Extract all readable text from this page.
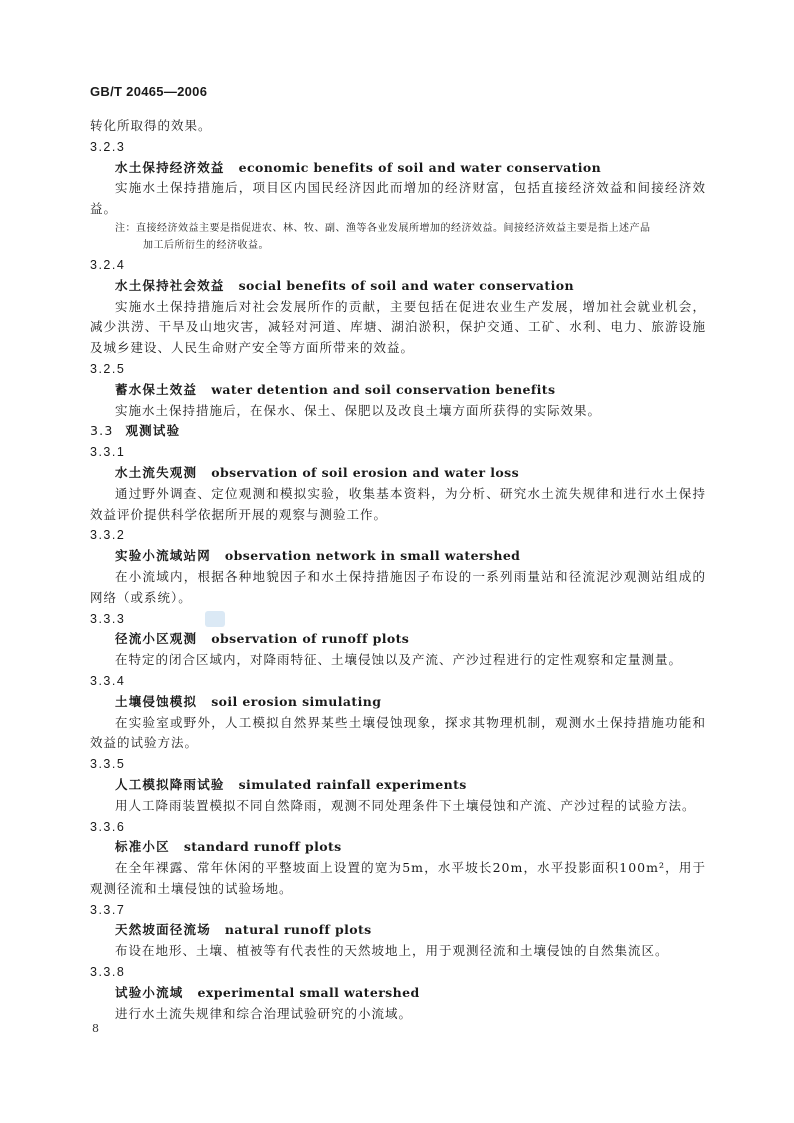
GB/T 20465—2006
转化所取得的效果。
3.2.3
水土保持经济效益 economic benefits of soil and water conservation
实施水土保持措施后，项目区内国民经济因此而增加的经济财富，包括直接经济效益和间接经济效益。
注：直接经济效益主要是指促进农、林、牧、副、渔等各业发展所增加的经济效益。间接经济效益主要是指上述产品
加工后所衍生的经济收益。
3.2.4
水土保持社会效益 social benefits of soil and water conservation
实施水土保持措施后对社会发展所作的贡献，主要包括在促进农业生产发展，增加社会就业机会，减少洪涝、干旱及山地灾害，减轻对河道、库塘、湖泊淤积，保护交通、工矿、水利、电力、旅游设施及城乡建设、人民生命财产安全等方面所带来的效益。
3.2.5
蓄水保土效益 water detention and soil conservation benefits
实施水土保持措施后，在保水、保土、保肥以及改良土壤方面所获得的实际效果。
3.3 观测试验
3.3.1
水土流失观测 observation of soil erosion and water loss
通过野外调查、定位观测和模拟实验，收集基本资料，为分析、研究水土流失规律和进行水土保持效益评价提供科学依据所开展的观察与测验工作。
3.3.2
实验小流域站网 observation network in small watershed
在小流域内，根据各种地貌因子和水土保持措施因子布设的一系列雨量站和径流泥沙观测站组成的网络（或系统）。
3.3.3
径流小区观测 observation of runoff plots
在特定的闭合区域内，对降雨特征、土壤侵蚀以及产流、产沙过程进行的定性观察和定量测量。
3.3.4
土壤侵蚀模拟 soil erosion simulating
在实验室或野外，人工模拟自然界某些土壤侵蚀现象，探求其物理机制，观测水土保持措施功能和效益的试验方法。
3.3.5
人工模拟降雨试验 simulated rainfall experiments
用人工降雨装置模拟不同自然降雨，观测不同处理条件下土壤侵蚀和产流、产沙过程的试验方法。
3.3.6
标准小区 standard runoff plots
在全年裸露、常年休闲的平整坡面上设置的宽为5m，水平坡长20m，水平投影面积100m²，用于观测径流和土壤侵蚀的试验场地。
3.3.7
天然坡面径流场 natural runoff plots
布设在地形、土壤、植被等有代表性的天然坡地上，用于观测径流和土壤侵蚀的自然集流区。
3.3.8
试验小流域 experimental small watershed
进行水土流失规律和综合治理试验研究的小流域。
8
